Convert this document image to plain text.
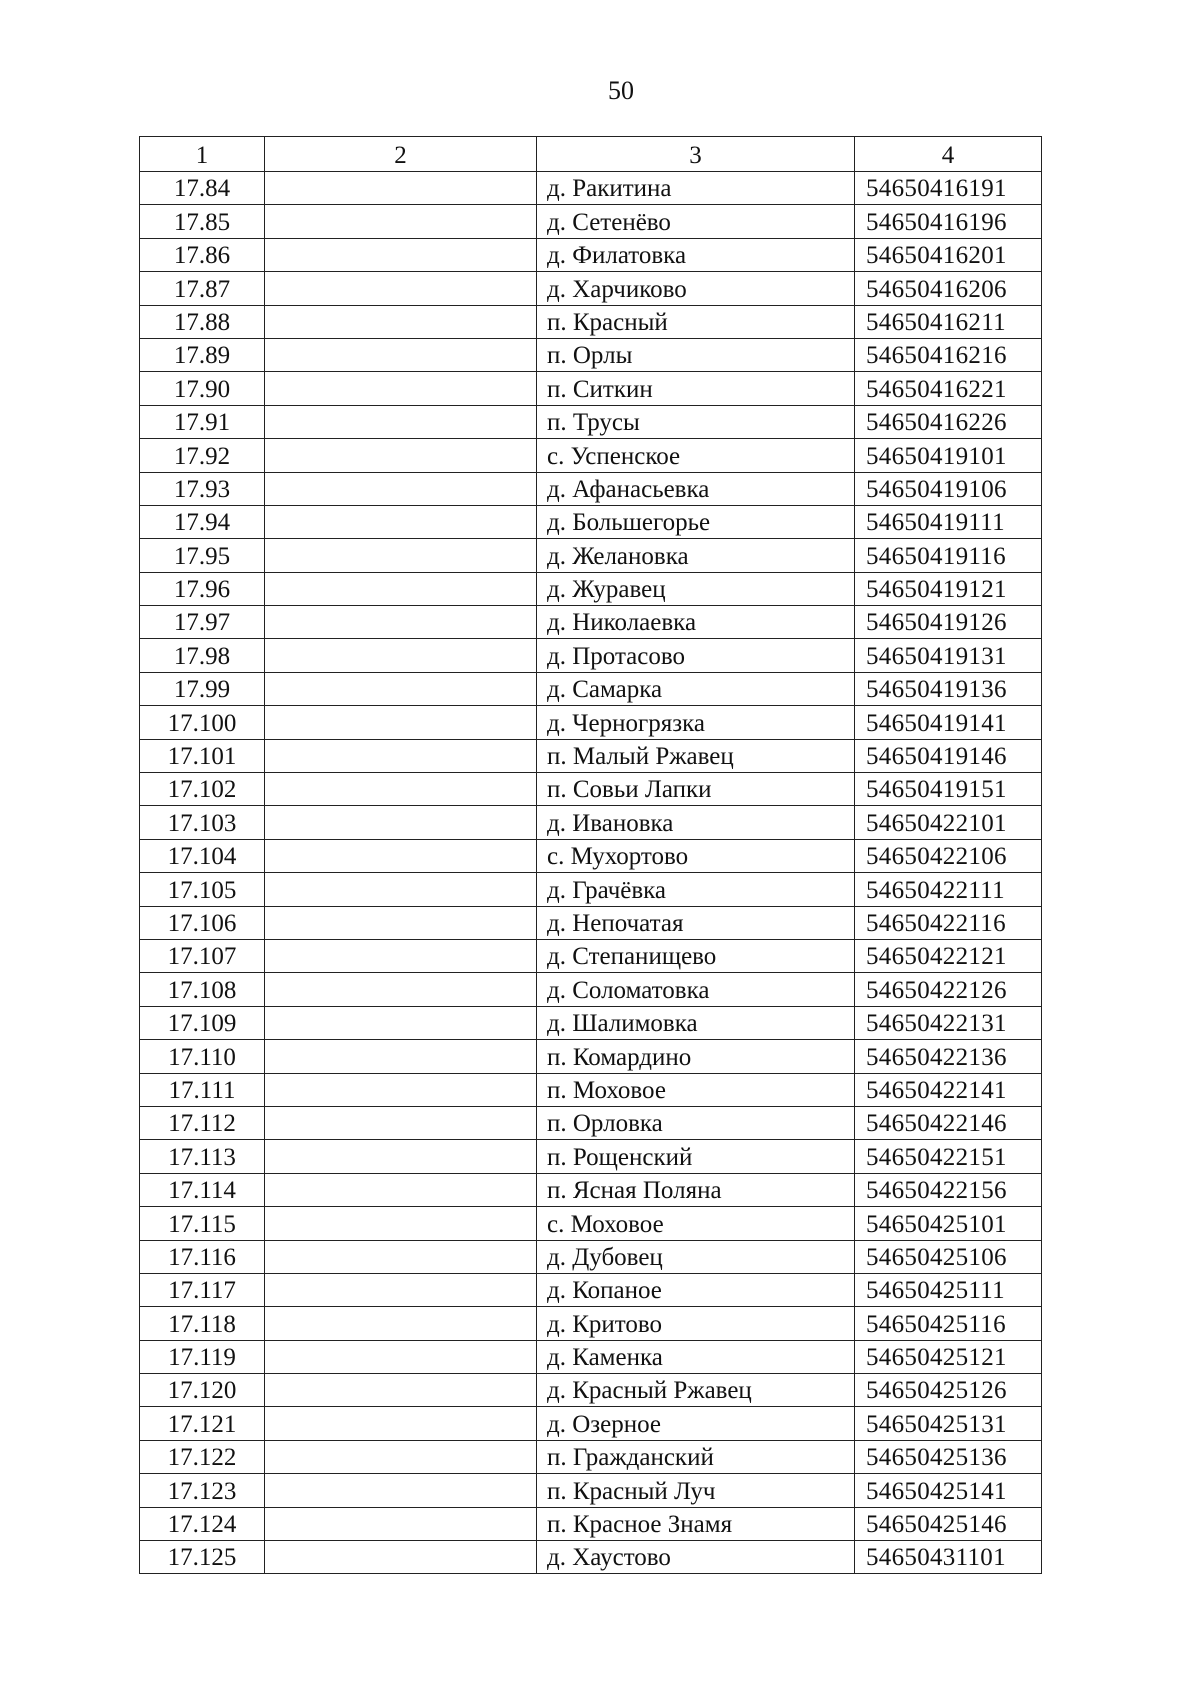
50
1	2	3	4
17.84		д. Ракитина	54650416191
17.85		д. Сетенёво	54650416196
17.86		д. Филатовка	54650416201
17.87		д. Харчиково	54650416206
17.88		п. Красный	54650416211
17.89		п. Орлы	54650416216
17.90		п. Ситкин	54650416221
17.91		п. Трусы	54650416226
17.92		с. Успенское	54650419101
17.93		д. Афанасьевка	54650419106
17.94		д. Большегорье	54650419111
17.95		д. Желановка	54650419116
17.96		д. Журавец	54650419121
17.97		д. Николаевка	54650419126
17.98		д. Протасово	54650419131
17.99		д. Самарка	54650419136
17.100		д. Черногрязка	54650419141
17.101		п. Малый Ржавец	54650419146
17.102		п. Совьи Лапки	54650419151
17.103		д. Ивановка	54650422101
17.104		с. Мухортово	54650422106
17.105		д. Грачёвка	54650422111
17.106		д. Непочатая	54650422116
17.107		д. Степанищево	54650422121
17.108		д. Соломатовка	54650422126
17.109		д. Шалимовка	54650422131
17.110		п. Комардино	54650422136
17.111		п. Моховое	54650422141
17.112		п. Орловка	54650422146
17.113		п. Рощенский	54650422151
17.114		п. Ясная Поляна	54650422156
17.115		с. Моховое	54650425101
17.116		д. Дубовец	54650425106
17.117		д. Копаное	54650425111
17.118		д. Критово	54650425116
17.119		д. Каменка	54650425121
17.120		д. Красный Ржавец	54650425126
17.121		д. Озерное	54650425131
17.122		п. Гражданский	54650425136
17.123		п. Красный Луч	54650425141
17.124		п. Красное Знамя	54650425146
17.125		д. Хаустово	54650431101
